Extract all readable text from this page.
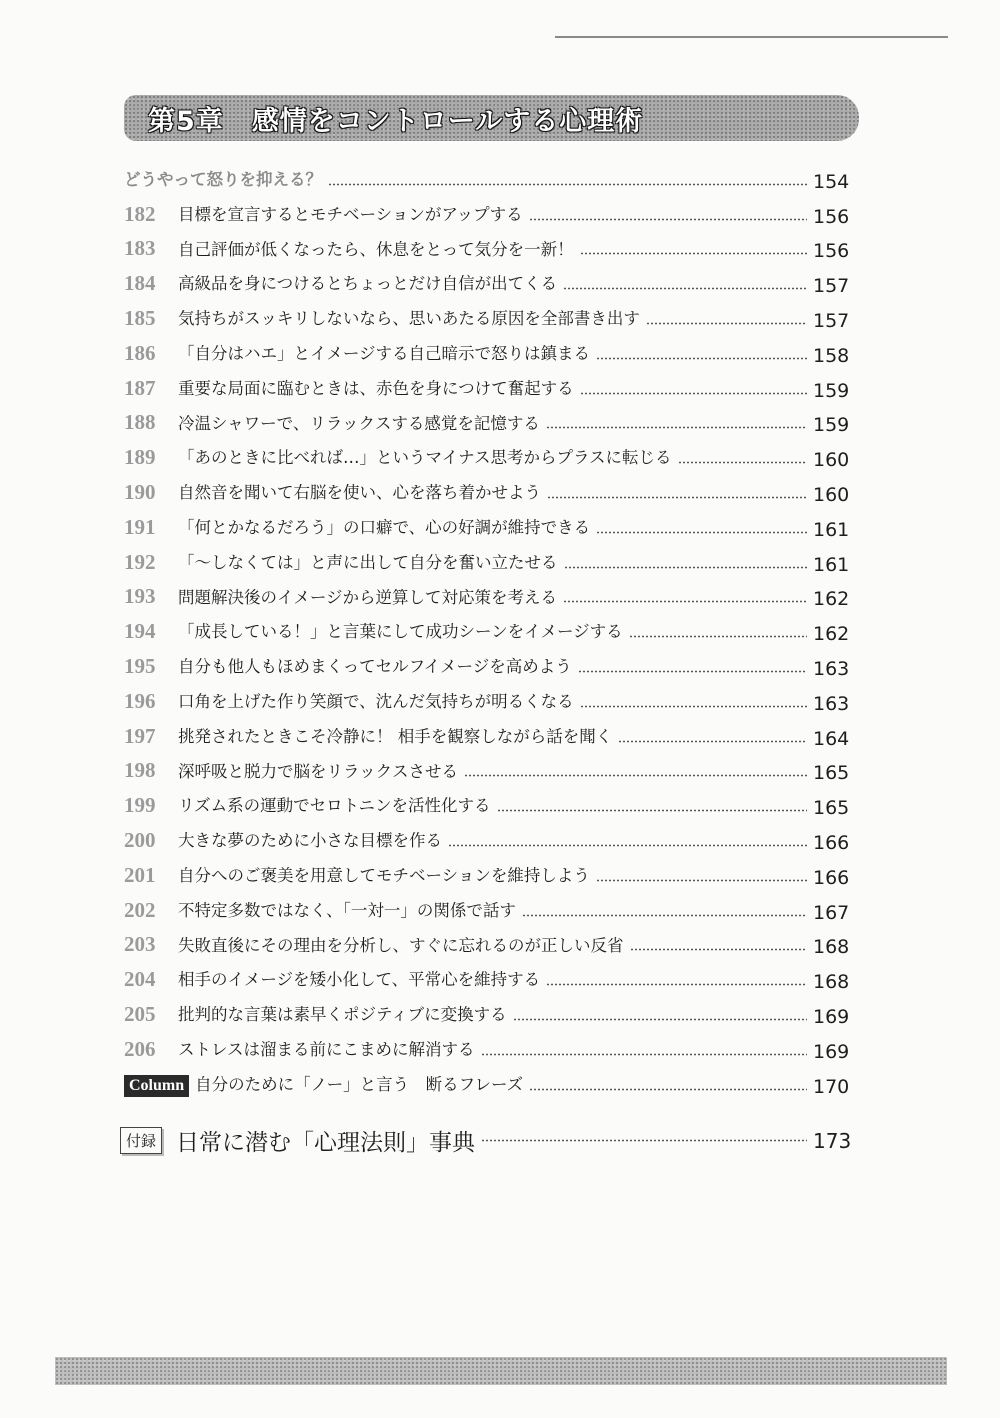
第5章　感情をコントロールする心理術
どうやって怒りを抑える？	154
182	目標を宣言するとモチベーションがアップする	156
183	自己評価が低くなったら、休息をとって気分を一新！	156
184	高級品を身につけるとちょっとだけ自信が出てくる	157
185	気持ちがスッキリしないなら、思いあたる原因を全部書き出す	157
186	「自分はハエ」とイメージする自己暗示で怒りは鎮まる	158
187	重要な局面に臨むときは、赤色を身につけて奮起する	159
188	冷温シャワーで、リラックスする感覚を記憶する	159
189	「あのときに比べれば…」というマイナス思考からプラスに転じる	160
190	自然音を聞いて右脳を使い、心を落ち着かせよう	160
191	「何とかなるだろう」の口癖で、心の好調が維持できる	161
192	「〜しなくては」と声に出して自分を奮い立たせる	161
193	問題解決後のイメージから逆算して対応策を考える	162
194	「成長している！」と言葉にして成功シーンをイメージする	162
195	自分も他人もほめまくってセルフイメージを高めよう	163
196	口角を上げた作り笑顔で、沈んだ気持ちが明るくなる	163
197	挑発されたときこそ冷静に！ 相手を観察しながら話を聞く	164
198	深呼吸と脱力で脳をリラックスさせる	165
199	リズム系の運動でセロトニンを活性化する	165
200	大きな夢のために小さな目標を作る	166
201	自分へのご褒美を用意してモチベーションを維持しよう	166
202	不特定多数ではなく、「一対一」の関係で話す	167
203	失敗直後にその理由を分析し、すぐに忘れるのが正しい反省	168
204	相手のイメージを矮小化して、平常心を維持する	168
205	批判的な言葉は素早くポジティブに変換する	169
206	ストレスは溜まる前にこまめに解消する	169
Column 自分のために「ノー」と言う　断るフレーズ	170
付録 日常に潜む「心理法則」事典	173
